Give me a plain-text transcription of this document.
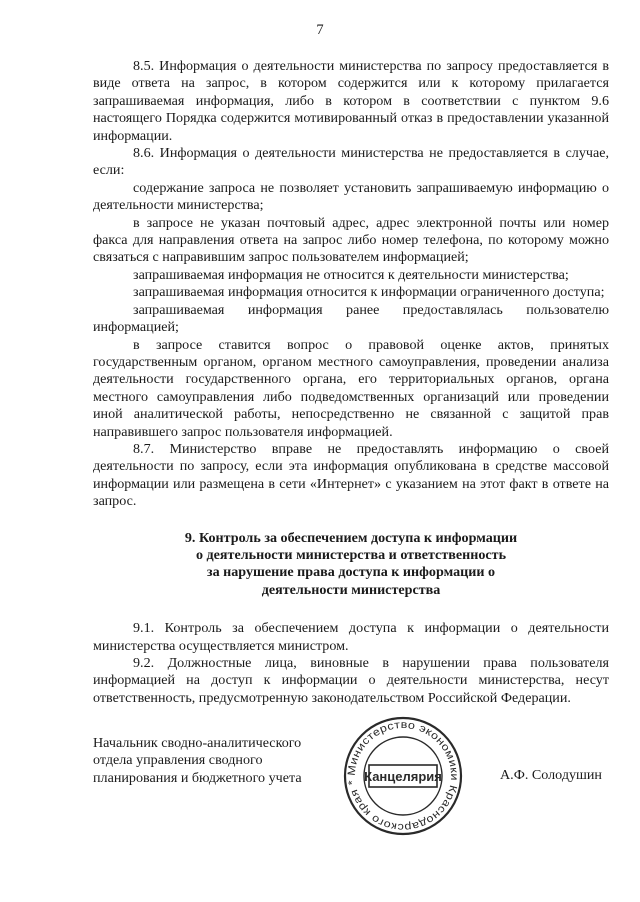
7

8.5. Информация о деятельности министерства по запросу предоставляется в виде ответа на запрос, в котором содержится или к которому прилагается запрашиваемая информация, либо в котором в соответствии с пунктом 9.6 настоящего Порядка содержится мотивированный отказ в предоставлении указанной информации.

8.6. Информация о деятельности министерства не предоставляется в случае, если:

содержание запроса не позволяет установить запрашиваемую информацию о деятельности министерства;

в запросе не указан почтовый адрес, адрес электронной почты или номер факса для направления ответа на запрос либо номер телефона, по которому можно связаться с направившим запрос пользователем информацией;

запрашиваемая информация не относится к деятельности министерства;

запрашиваемая информация относится к информации ограниченного доступа;

запрашиваемая информация ранее предоставлялась пользователю информацией;

в запросе ставится вопрос о правовой оценке актов, принятых государственным органом, органом местного самоуправления, проведении анализа деятельности государственного органа, его территориальных органов, органа местного самоуправления либо подведомственных организаций или проведении иной аналитической работы, непосредственно не связанной с защитой прав направившего запрос пользователя информацией.

8.7. Министерство вправе не предоставлять информацию о своей деятельности по запросу, если эта информация опубликована в средстве массовой информации или размещена в сети «Интернет» с указанием на этот факт в ответе на запрос.

9. Контроль за обеспечением доступа к информации
о деятельности министерства и ответственность
за нарушение права доступа к информации о
деятельности министерства

9.1. Контроль за обеспечением доступа к информации о деятельности министерства осуществляется министром.

9.2. Должностные лица, виновные в нарушении права пользователя информацией на доступ к информации о деятельности министерства, несут ответственность, предусмотренную законодательством Российской Федерации.

Начальник сводно-аналитического
отдела управления сводного
планирования и бюджетного учета	А.Ф. Солодушин
Министерство экономики Краснодарского края * Канцелярия
